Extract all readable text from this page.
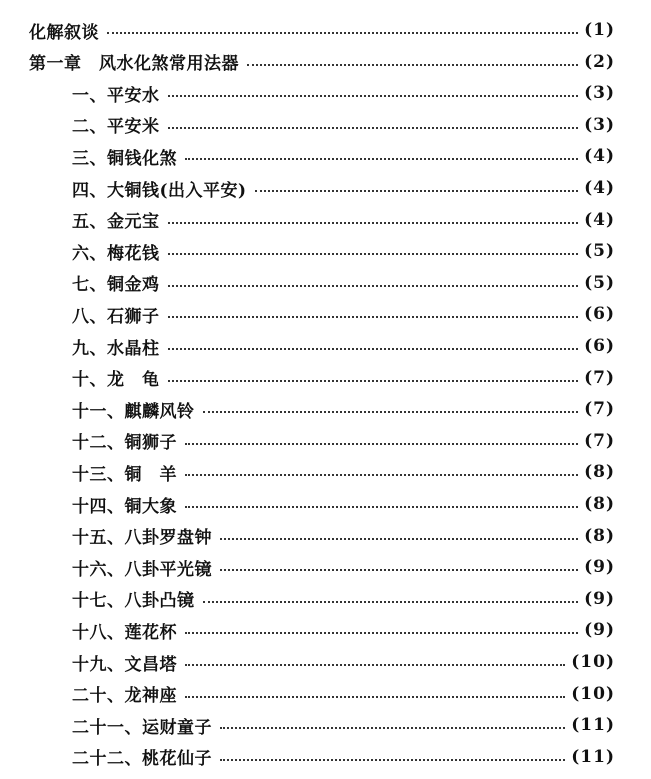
化解叙谈	(1)
第一章　风水化煞常用法器	(2)
一、平安水	(3)
二、平安米	(3)
三、铜钱化煞	(4)
四、大铜钱(出入平安)	(4)
五、金元宝	(4)
六、梅花钱	(5)
七、铜金鸡	(5)
八、石狮子	(6)
九、水晶柱	(6)
十、龙　龟	(7)
十一、麒麟风铃	(7)
十二、铜狮子	(7)
十三、铜　羊	(8)
十四、铜大象	(8)
十五、八卦罗盘钟	(8)
十六、八卦平光镜	(9)
十七、八卦凸镜	(9)
十八、莲花杯	(9)
十九、文昌塔	(10)
二十、龙神座	(10)
二十一、运财童子	(11)
二十二、桃花仙子	(11)
